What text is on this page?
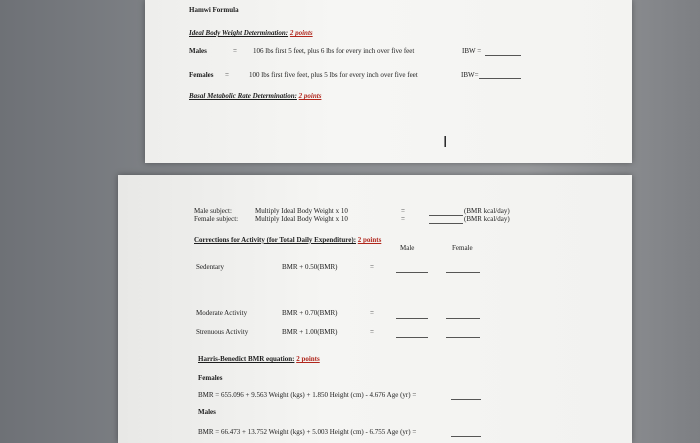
Hamwi Formula
Ideal Body Weight Determination: 2 points
Males	= 106 lbs first 5 feet, plus 6 lbs for every inch over five feet	IBW =
Females =	100 lbs first five feet, plus 5 lbs for every inch over five feet	IBW=
Basal Metabolic Rate Determination: 2 points
I
Male subject:	Multiply Ideal Body Weight x 10	=	(BMR kcal/day)
Female subject: Multiply Ideal Body Weight x 10	=	(BMR kcal/day)
Corrections for Activity (for Total Daily Expenditure): 2 points
Male	Female
Sedentary	BMR + 0.50(BMR)	=
Moderate Activity	BMR + 0.70(BMR)	=
Strenuous Activity	BMR + 1.00(BMR)	=
Harris-Benedict BMR equation: 2 points
Females
BMR = 655.096 + 9.563 Weight (kgs) + 1.850 Height (cm) - 4.676 Age (yr) =
Males
BMR = 66.473 + 13.752 Weight (kgs) + 5.003 Height (cm) - 6.755 Age (yr) =
